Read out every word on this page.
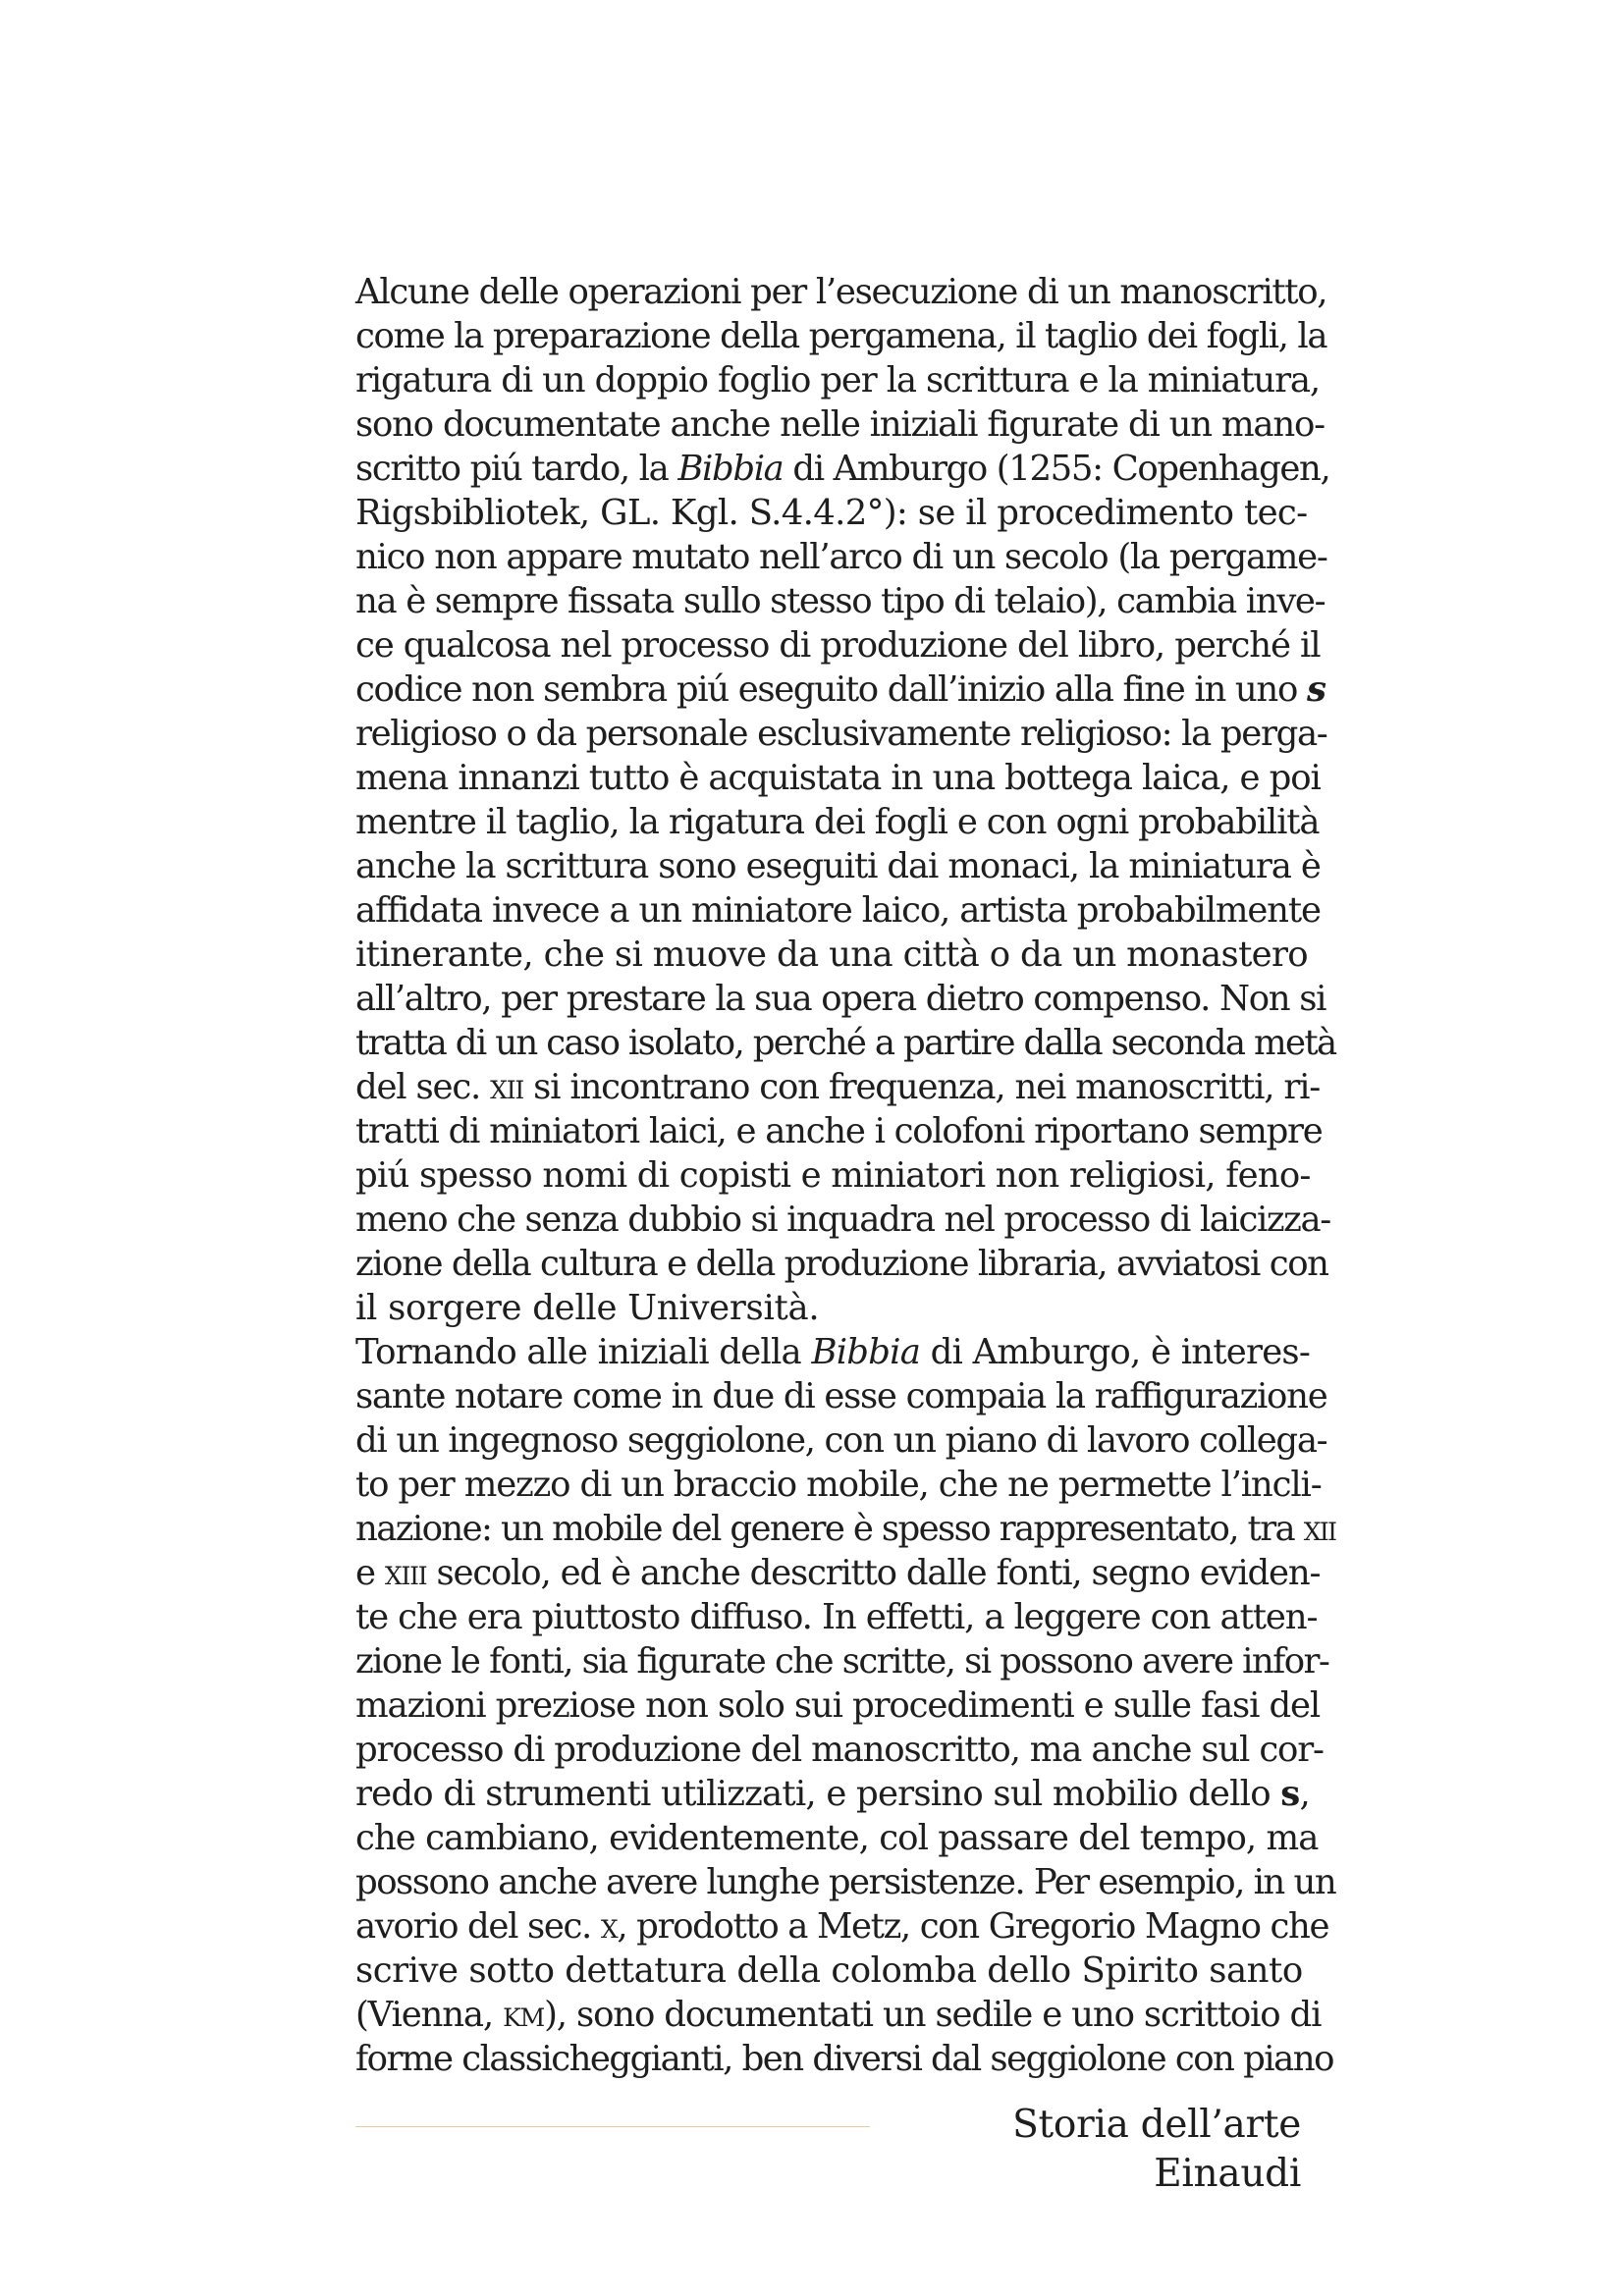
Alcune delle operazioni per l’esecuzione di un manoscritto,
come la preparazione della pergamena, il taglio dei fogli, la
rigatura di un doppio foglio per la scrittura e la miniatura,
sono documentate anche nelle iniziali figurate di un mano-
scritto piú tardo, la Bibbia di Amburgo (1255: Copenhagen,
Rigsbibliotek, GL. Kgl. S.4.4.2°): se il procedimento tec-
nico non appare mutato nell’arco di un secolo (la pergame-
na è sempre fissata sullo stesso tipo di telaio), cambia inve-
ce qualcosa nel processo di produzione del libro, perché il
codice non sembra piú eseguito dall’inizio alla fine in uno s
religioso o da personale esclusivamente religioso: la perga-
mena innanzi tutto è acquistata in una bottega laica, e poi
mentre il taglio, la rigatura dei fogli e con ogni probabilità
anche la scrittura sono eseguiti dai monaci, la miniatura è
affidata invece a un miniatore laico, artista probabilmente
itinerante, che si muove da una città o da un monastero
all’altro, per prestare la sua opera dietro compenso. Non si
tratta di un caso isolato, perché a partire dalla seconda metà
del sec. xii si incontrano con frequenza, nei manoscritti, ri-
tratti di miniatori laici, e anche i colofoni riportano sempre
piú spesso nomi di copisti e miniatori non religiosi, feno-
meno che senza dubbio si inquadra nel processo di laicizza-
zione della cultura e della produzione libraria, avviatosi con
il sorgere delle Università.
Tornando alle iniziali della Bibbia di Amburgo, è interes-
sante notare come in due di esse compaia la raffigurazione
di un ingegnoso seggiolone, con un piano di lavoro collega-
to per mezzo di un braccio mobile, che ne permette l’incli-
nazione: un mobile del genere è spesso rappresentato, tra xii
e xiii secolo, ed è anche descritto dalle fonti, segno eviden-
te che era piuttosto diffuso. In effetti, a leggere con atten-
zione le fonti, sia figurate che scritte, si possono avere infor-
mazioni preziose non solo sui procedimenti e sulle fasi del
processo di produzione del manoscritto, ma anche sul cor-
redo di strumenti utilizzati, e persino sul mobilio dello s,
che cambiano, evidentemente, col passare del tempo, ma
possono anche avere lunghe persistenze. Per esempio, in un
avorio del sec. x, prodotto a Metz, con Gregorio Magno che
scrive sotto dettatura della colomba dello Spirito santo
(Vienna, km), sono documentati un sedile e uno scrittoio di
forme classicheggianti, ben diversi dal seggiolone con piano
Storia dell’arte Einaudi
